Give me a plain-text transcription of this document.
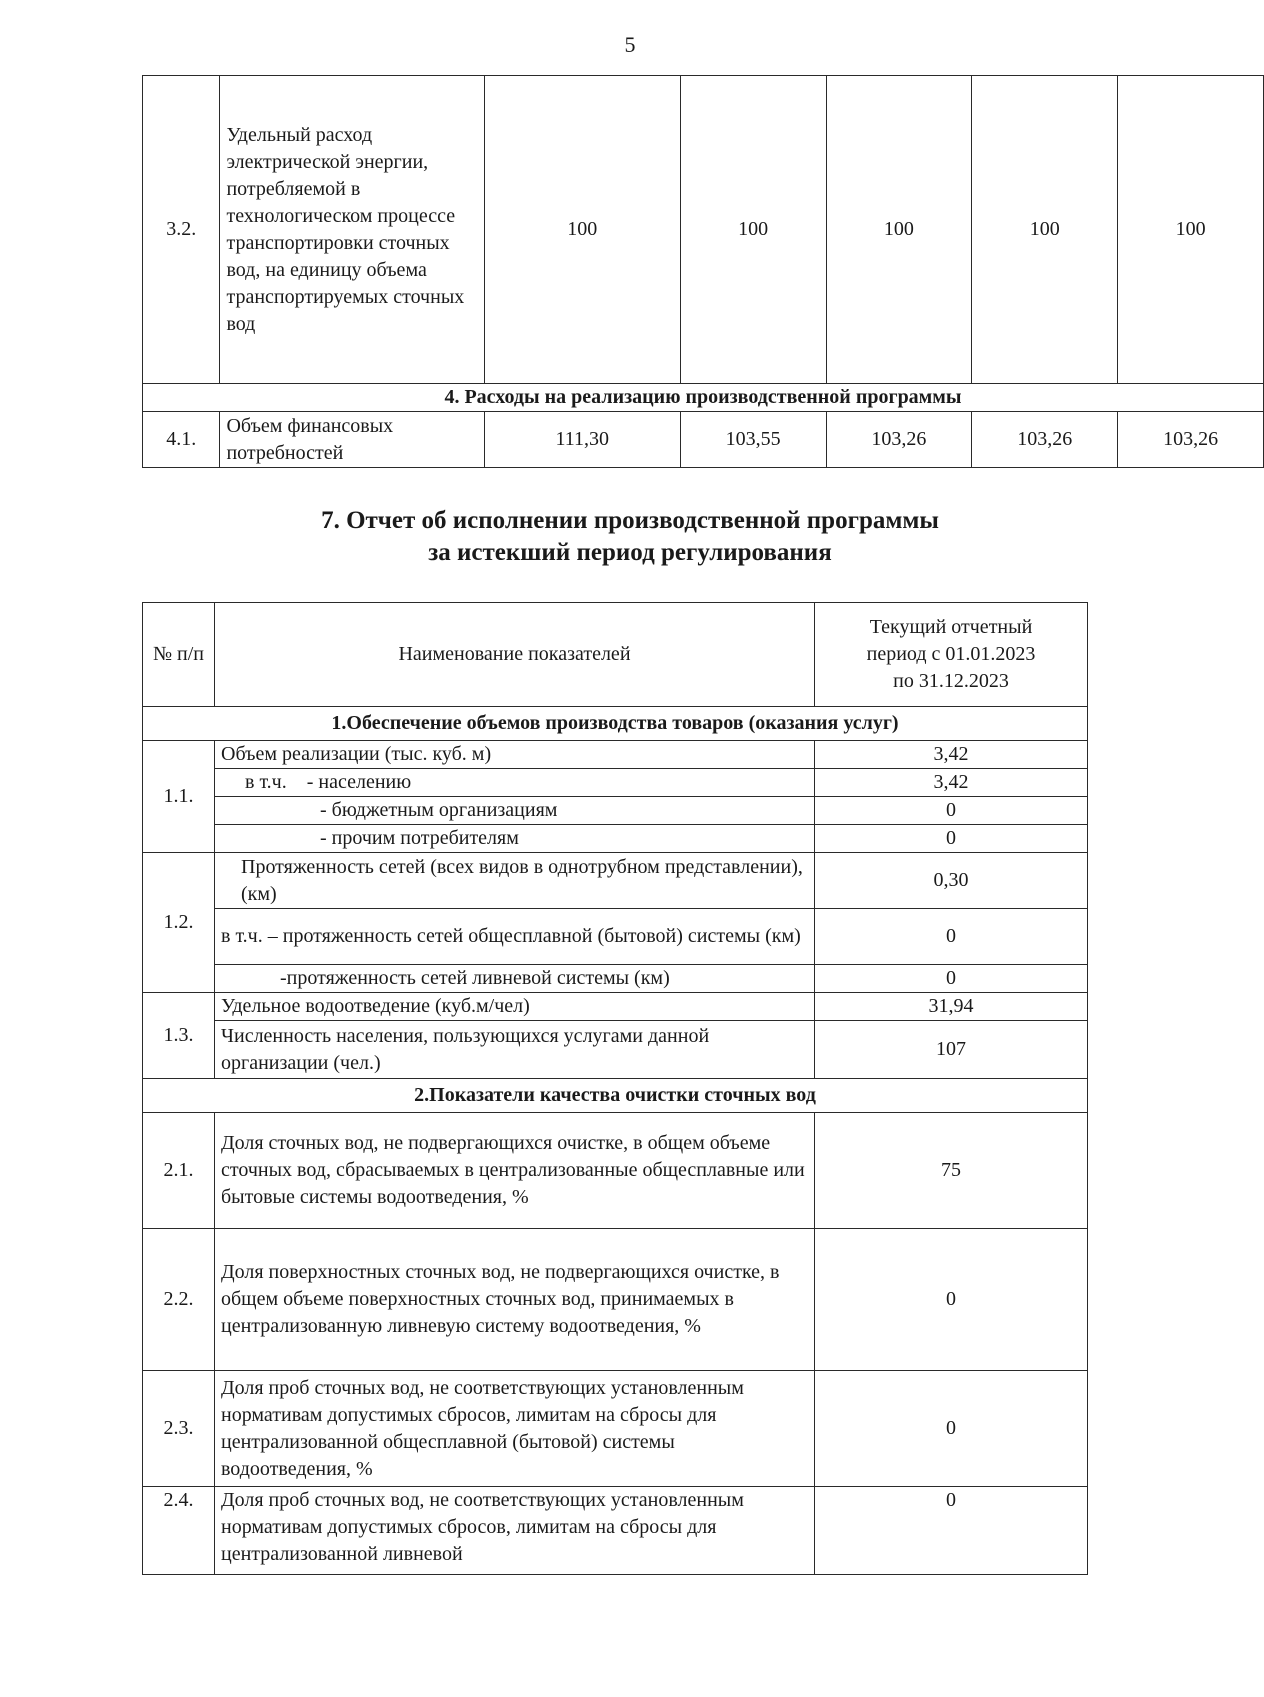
5
3.2.	Удельный расход электрической энергии, потребляемой в технологическом процессе транспортировки сточных вод, на единицу объема транспортируемых сточных вод	100	100	100	100	100
4. Расходы на реализацию производственной программы						
4.1.	Объем финансовых потребностей	111,30	103,55	103,26	103,26	103,26
7. Отчет об исполнении производственной программы
за истекший период регулирования
№ п/п	Наименование показателей	Текущий отчетный
период с 01.01.2023
по 31.12.2023

1.Обеспечение объемов производства товаров (оказания услуг)		
1.1.	Объем реализации (тыс. куб. м)	3,42
	в т.ч.    - населению	3,42
	- бюджетным организациям	0
	- прочим потребителям	0
1.2.	Протяженность сетей (всех видов в однотрубном представлении), (км)	0,30
	в т.ч. – протяженность сетей общесплавной (бытовой) системы (км)	0
	-протяженность сетей ливневой системы (км)	0
1.3.	Удельное водоотведение (куб.м/чел)	31,94
	Численность населения, пользующихся услугами данной организации (чел.)	107
2.Показатели качества очистки сточных вод		
2.1.	Доля сточных вод, не подвергающихся очистке, в общем объеме сточных вод, сбрасываемых в централизованные общесплавные или бытовые системы водоотведения, %	75
2.2.	Доля поверхностных сточных вод, не подвергающихся очистке, в общем объеме поверхностных сточных вод, принимаемых в централизованную ливневую систему водоотведения, %	0
2.3.	Доля проб сточных вод, не соответствующих установленным нормативам допустимых сбросов, лимитам на сбросы для централизованной общесплавной (бытовой) системы водоотведения, %	0
2.4.	Доля проб сточных вод, не соответствующих установленным нормативам допустимых сбросов, лимитам на сбросы для централизованной ливневой	0
